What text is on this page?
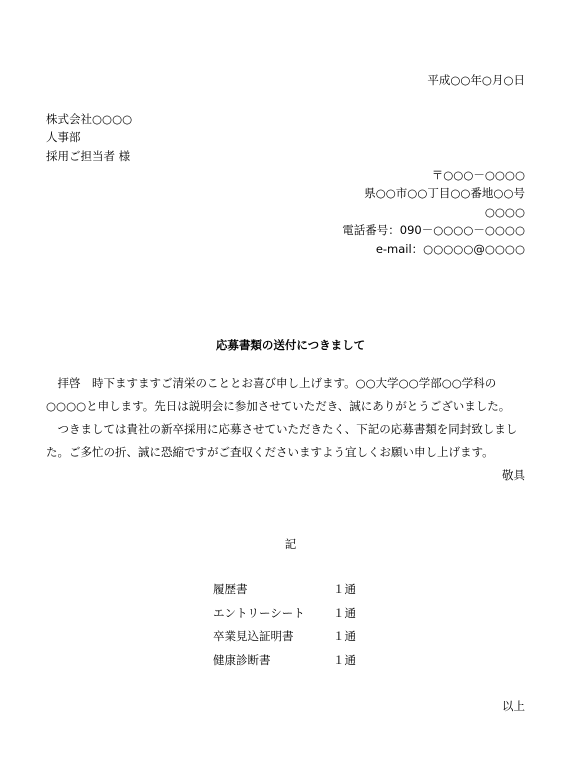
平成○○年○月○日
株式会社○○○○
人事部
採用ご担当者 様
〒○○○－○○○○
県○○市○○丁目○○番地○○号
○○○○
電話番号：090－○○○○－○○○○
e-mail：○○○○○@○○○○
応募書類の送付につきまして

拝啓　時下ますますご清栄のこととお喜び申し上げます。○○大学○○学部○○学科の○○○○と申します。先日は説明会に参加させていただき、誠にありがとうございました。

つきましては貴社の新卒採用に応募させていただきたく、下記の応募書類を同封致しました。ご多忙の折、誠に恐縮ですがご査収くださいますよう宜しくお願い申し上げます。

敬具
記
履歴書	１通
エントリーシート	１通
卒業見込証明書	１通
健康診断書	１通
以上
